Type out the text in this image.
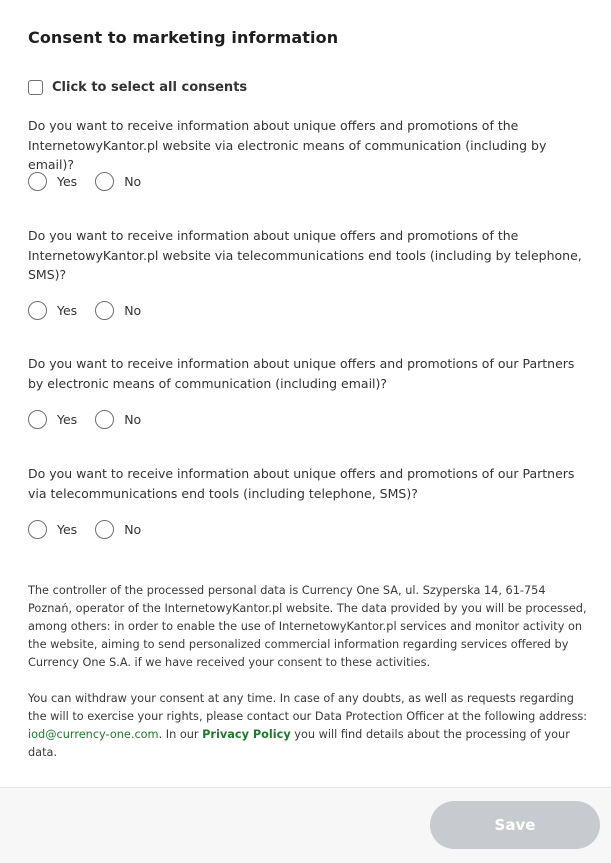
Consent to marketing information
Click to select all consents
Do you want to receive information about unique offers and promotions of the InternetowyKantor.pl website via electronic means of communication (including by email)?
Yes	No
Do you want to receive information about unique offers and promotions of the InternetowyKantor.pl website via telecommunications end tools (including by telephone, SMS)?
Yes	No
Do you want to receive information about unique offers and promotions of our Partners by electronic means of communication (including email)?
Yes	No
Do you want to receive information about unique offers and promotions of our Partners via telecommunications end tools (including telephone, SMS)?
Yes	No
The controller of the processed personal data is Currency One SA, ul. Szyperska 14, 61-754 Poznań, operator of the InternetowyKantor.pl website. The data provided by you will be processed, among others: in order to enable the use of InternetowyKantor.pl services and monitor activity on the website, aiming to send personalized commercial information regarding services offered by Currency One S.A. if we have received your consent to these activities.
You can withdraw your consent at any time. In case of any doubts, as well as requests regarding the will to exercise your rights, please contact our Data Protection Officer at the following address: iod@currency-one.com. In our Privacy Policy you will find details about the processing of your data.
Save
